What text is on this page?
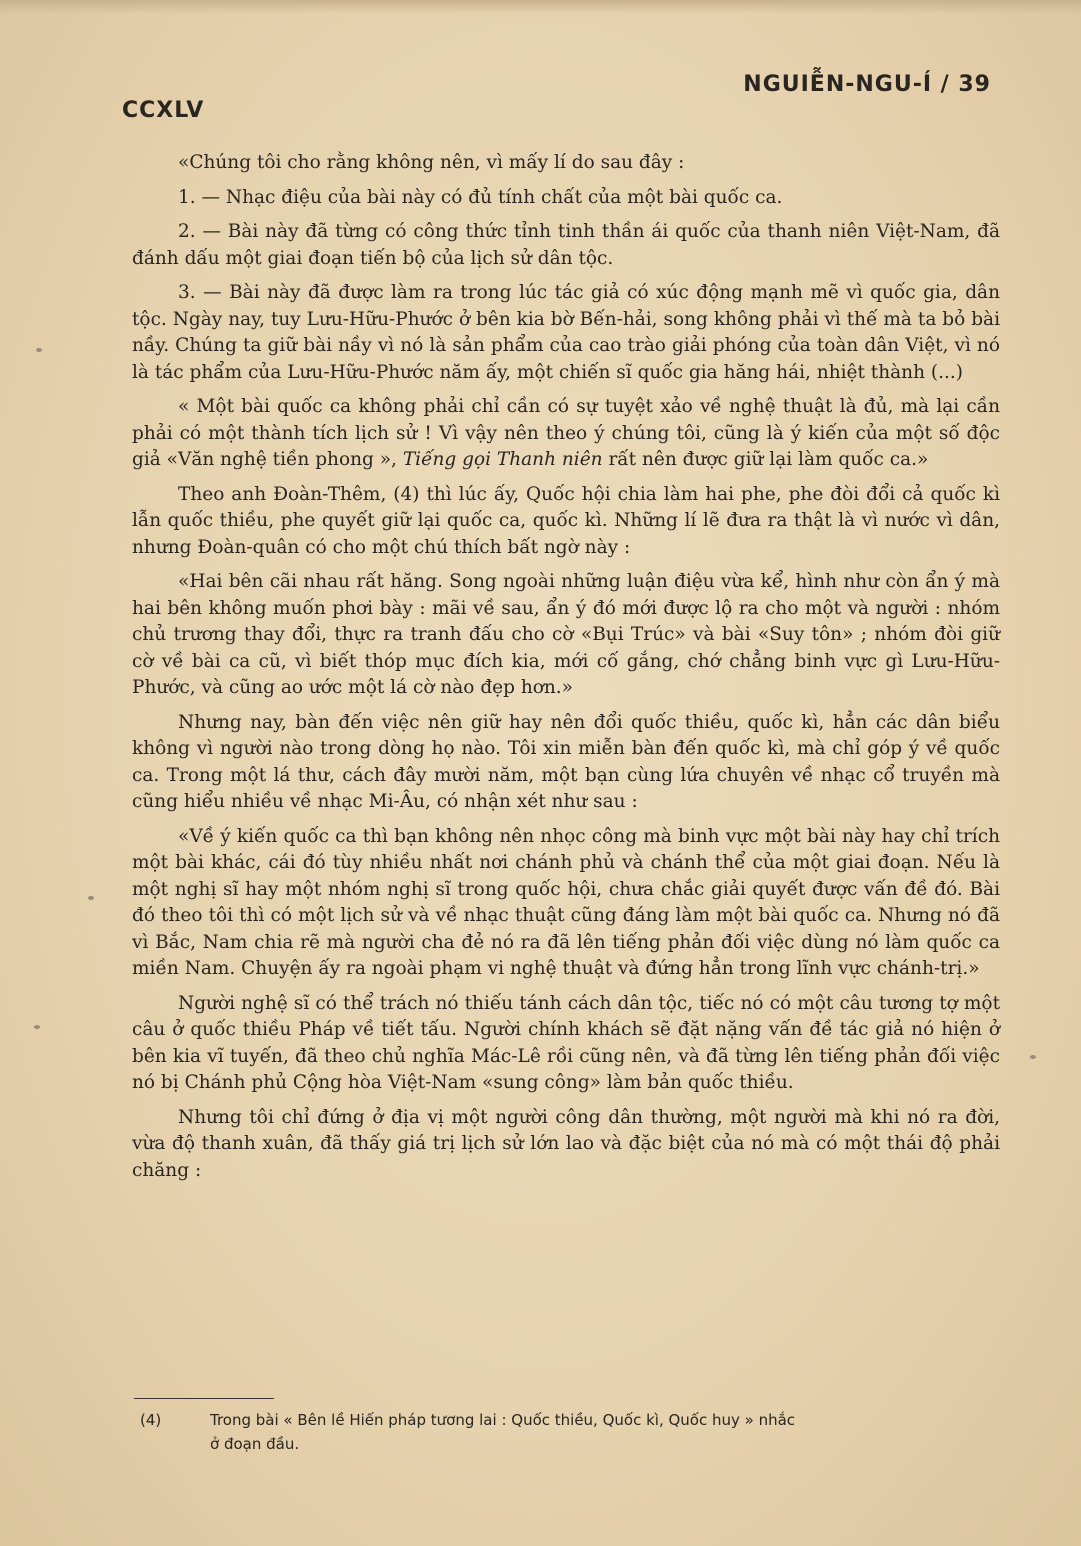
CCXLV
NGUIỄN-NGU-Í / 39

«Chúng tôi cho rằng không nên, vì mấy lí do sau đây :

1. — Nhạc điệu của bài này có đủ tính chất của một bài quốc ca.

2. — Bài này đã từng có công thức tỉnh tinh thần ái quốc của thanh niên Việt-Nam, đã đánh dấu một giai đoạn tiến bộ của lịch sử dân tộc.

3. — Bài này đã được làm ra trong lúc tác giả có xúc động mạnh mẽ vì quốc gia, dân tộc. Ngày nay, tuy Lưu-Hữu-Phước ở bên kia bờ Bến-hải, song không phải vì thế mà ta bỏ bài nầy. Chúng ta giữ bài nầy vì nó là sản phẩm của cao trào giải phóng của toàn dân Việt, vì nó là tác phẩm của Lưu-Hữu-Phước năm ấy, một chiến sĩ quốc gia hăng hái, nhiệt thành (...)

« Một bài quốc ca không phải chỉ cần có sự tuyệt xảo về nghệ thuật là đủ, mà lại cần phải có một thành tích lịch sử ! Vì vậy nên theo ý chúng tôi, cũng là ý kiến của một số độc giả «Văn nghệ tiền phong », Tiếng gọi Thanh niên rất nên được giữ lại làm quốc ca.»

Theo anh Đoàn-Thêm, (4) thì lúc ấy, Quốc hội chia làm hai phe, phe đòi đổi cả quốc kì lẫn quốc thiều, phe quyết giữ lại quốc ca, quốc kì. Những lí lẽ đưa ra thật là vì nước vì dân, nhưng Đoàn-quân có cho một chú thích bất ngờ này :

«Hai bên cãi nhau rất hăng. Song ngoài những luận điệu vừa kể, hình như còn ẩn ý mà hai bên không muốn phơi bày : mãi về sau, ẩn ý đó mới được lộ ra cho một và người : nhóm chủ trương thay đổi, thực ra tranh đấu cho cờ «Bụi Trúc» và bài «Suy tôn» ; nhóm đòi giữ cờ về bài ca cũ, vì biết thóp mục đích kia, mới cố gắng, chớ chẳng binh vực gì Lưu-Hữu-Phước, và cũng ao ước một lá cờ nào đẹp hơn.»

Nhưng nay, bàn đến việc nên giữ hay nên đổi quốc thiều, quốc kì, hẳn các dân biểu không vì người nào trong dòng họ nào. Tôi xin miễn bàn đến quốc kì, mà chỉ góp ý về quốc ca. Trong một lá thư, cách đây mười năm, một bạn cùng lứa chuyên về nhạc cổ truyền mà cũng hiểu nhiều về nhạc Mi-Âu, có nhận xét như sau :

«Về ý kiến quốc ca thì bạn không nên nhọc công mà binh vực một bài này hay chỉ trích một bài khác, cái đó tùy nhiều nhất nơi chánh phủ và chánh thể của một giai đoạn. Nếu là một nghị sĩ hay một nhóm nghị sĩ trong quốc hội, chưa chắc giải quyết được vấn đề đó. Bài đó theo tôi thì có một lịch sử và về nhạc thuật cũng đáng làm một bài quốc ca. Nhưng nó đã vì Bắc, Nam chia rẽ mà người cha đẻ nó ra đã lên tiếng phản đối việc dùng nó làm quốc ca miền Nam. Chuyện ấy ra ngoài phạm vi nghệ thuật và đứng hẳn trong lĩnh vực chánh-trị.»

Người nghệ sĩ có thể trách nó thiếu tánh cách dân tộc, tiếc nó có một câu tương tợ một câu ở quốc thiều Pháp về tiết tấu. Người chính khách sẽ đặt nặng vấn đề tác giả nó hiện ở bên kia vĩ tuyến, đã theo chủ nghĩa Mác-Lê rồi cũng nên, và đã từng lên tiếng phản đối việc nó bị Chánh phủ Cộng hòa Việt-Nam «sung công» làm bản quốc thiều.

Nhưng tôi chỉ đứng ở địa vị một người công dân thường, một người mà khi nó ra đời, vừa độ thanh xuân, đã thấy giá trị lịch sử lớn lao và đặc biệt của nó mà có một thái độ phải chăng :

(4)	Trong bài « Bên lề Hiến pháp tương lai : Quốc thiều, Quốc kì, Quốc huy » nhắc
ở đoạn đầu.
